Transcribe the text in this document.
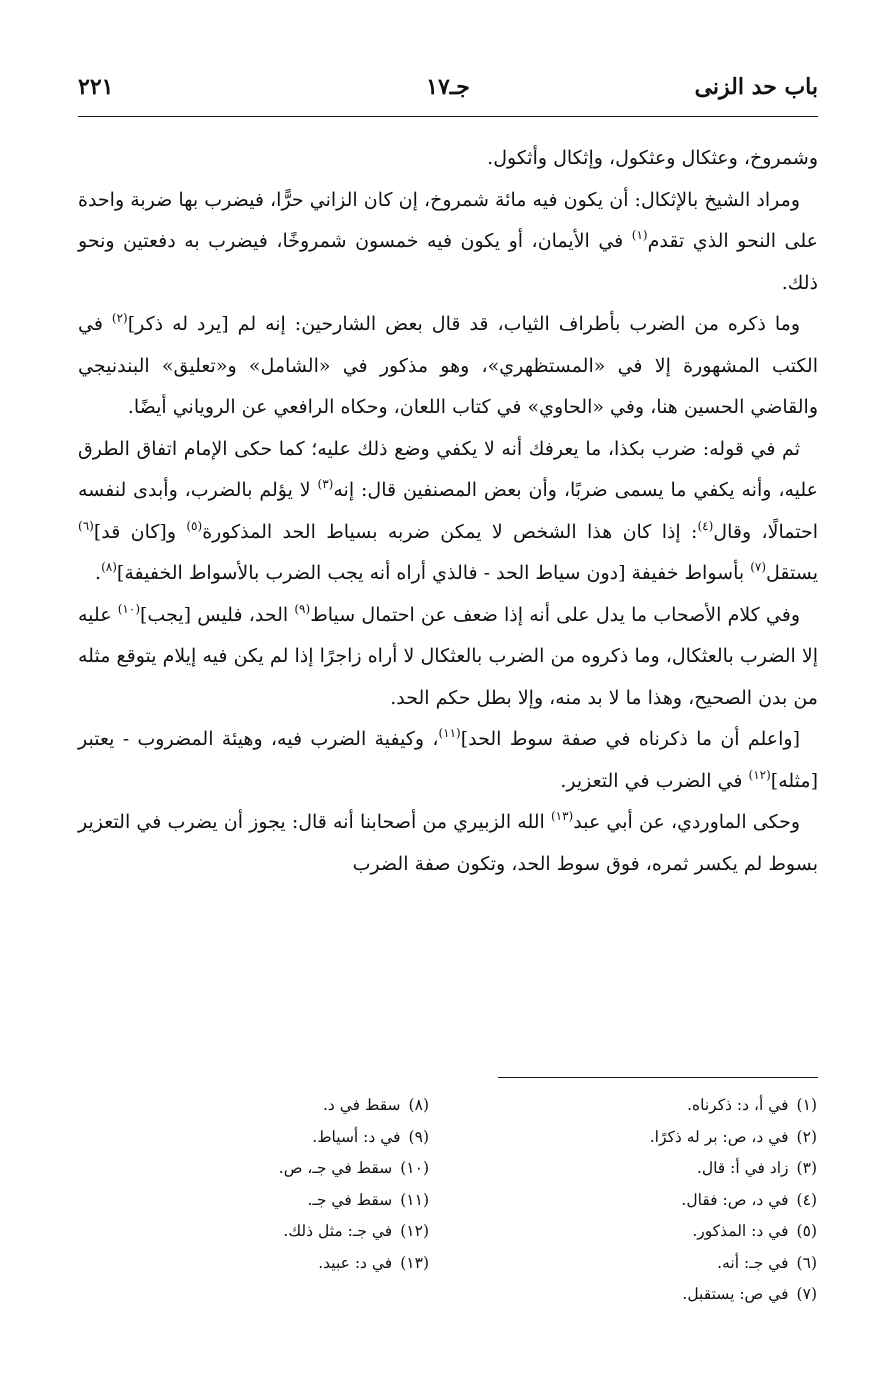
باب حد الزنى
جـ١٧
٢٢١

وشمروخ، وعثكال وعثكول، وإثكال وأثكول.

ومراد الشيخ بالإثكال: أن يكون فيه مائة شمروخ، إن كان الزاني حرًّا، فيضرب بها ضربة واحدة على النحو الذي تقدم$^{(١)}$ في الأيمان، أو يكون فيه خمسون شمروخًا، فيضرب به دفعتين ونحو ذلك.

وما ذكره من الضرب بأطراف الثياب، قد قال بعض الشارحين: إنه لم [يرد له ذكر]$^{(٢)}$ في الكتب المشهورة إلا في «المستظهري»، وهو مذكور في «الشامل» و«تعليق» البندنيجي والقاضي الحسين هنا، وفي «الحاوي» في كتاب اللعان، وحكاه الرافعي عن الروياني أيضًا.

ثم في قوله: ضرب بكذا، ما يعرفك أنه لا يكفي وضع ذلك عليه؛ كما حكى الإمام اتفاق الطرق عليه، وأنه يكفي ما يسمى ضربًا، وأن بعض المصنفين قال: إنه$^{(٣)}$ لا يؤلم بالضرب، وأبدى لنفسه احتمالًا، وقال$^{(٤)}$: إذا كان هذا الشخص لا يمكن ضربه بسياط الحد المذكورة$^{(٥)}$ و[كان قد]$^{(٦)}$ يستقل$^{(٧)}$ بأسواط خفيفة [دون سياط الحد - فالذي أراه أنه يجب الضرب بالأسواط الخفيفة]$^{(٨)}$.

وفي كلام الأصحاب ما يدل على أنه إذا ضعف عن احتمال سياط$^{(٩)}$ الحد، فليس [يجب]$^{(١٠)}$ عليه إلا الضرب بالعثكال، وما ذكروه من الضرب بالعثكال لا أراه زاجرًا إذا لم يكن فيه إيلام يتوقع مثله من بدن الصحيح، وهذا ما لا بد منه، وإلا بطل حكم الحد.

[واعلم أن ما ذكرناه في صفة سوط الحد]$^{(١١)}$، وكيفية الضرب فيه، وهيئة المضروب - يعتبر [مثله]$^{(١٢)}$ في الضرب في التعزير.

وحكى الماوردي، عن أبي عبد$^{(١٣)}$ الله الزبيري من أصحابنا أنه قال: يجوز أن يضرب في التعزير بسوط لم يكسر ثمره، فوق سوط الحد، وتكون صفة الضرب

(١)في أ، د: ذكرناه.
(٢)في د، ص: بر له ذكرًا.
(٣)زاد في أ: قال.
(٤)في د، ص: فقال.
(٥)في د: المذكور.
(٦)في جـ: أنه.
(٧)في ص: يستقبل.
(٨)سقط في د.
(٩)في د: أسياط.
(١٠)سقط في جـ، ص.
(١١)سقط في جـ.
(١٢)في جـ: مثل ذلك.
(١٣)في د: عبيد.
